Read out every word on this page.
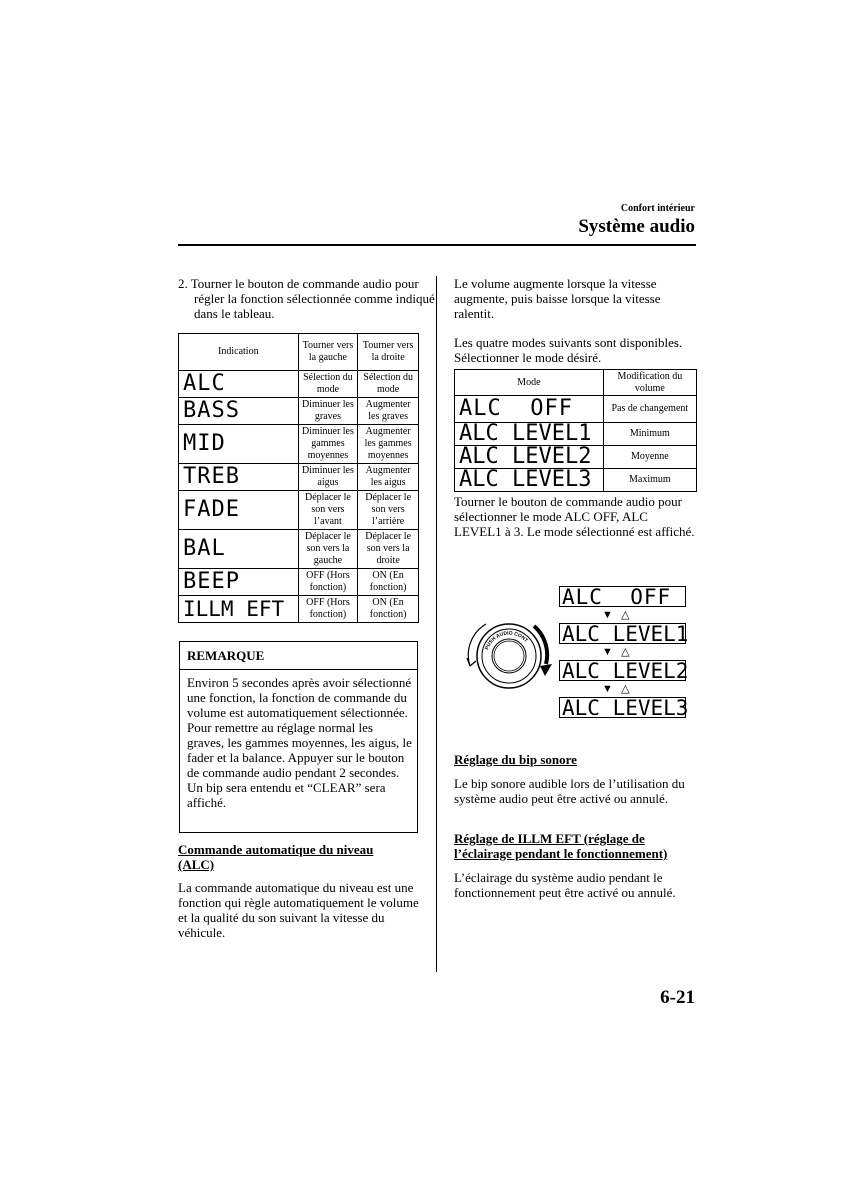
Confort intérieur
Système audio
2. Tourner le bouton de commande audio pour régler la fonction sélectionnée comme indiqué dans le tableau.
Indication	Tourner vers la gauche	Tourner vers la droite
ALC	Sélection du mode	Sélection du mode
BASS	Diminuer les graves	Augmenter les graves
MID	Diminuer les gammes moyennes	Augmenter les gammes moyennes
TREB	Diminuer les aigus	Augmenter les aigus
FADE	Déplacer le son vers l’avant	Déplacer le son vers l’arrière
BAL	Déplacer le son vers la gauche	Déplacer le son vers la droite
BEEP	OFF (Hors fonction)	ON (En fonction)
ILLM EFT	OFF (Hors fonction)	ON (En fonction)
REMARQUE
Environ 5 secondes après avoir sélectionné une fonction, la fonction de commande du volume est automatiquement sélectionnée. Pour remettre au réglage normal les graves, les gammes moyennes, les aigus, le fader et la balance. Appuyer sur le bouton de commande audio pendant 2 secondes. Un bip sera entendu et “CLEAR” sera affiché.
Commande automatique du niveau (ALC)
La commande automatique du niveau est une fonction qui règle automatiquement le volume et la qualité du son suivant la vitesse du véhicule.
Le volume augmente lorsque la vitesse augmente, puis baisse lorsque la vitesse ralentit.
Les quatre modes suivants sont disponibles. Sélectionner le mode désiré.
Mode	Modification du volume
ALC  OFF	Pas de changement
ALC LEVEL1	Minimum
ALC LEVEL2	Moyenne
ALC LEVEL3	Maximum
Tourner le bouton de commande audio pour sélectionner le mode ALC OFF, ALC LEVEL1 à 3. Le mode sélectionné est affiché.
PUSH AUDIO CONT
ALC  OFF
▼   △
ALC LEVEL1
▼   △
ALC LEVEL2
▼   △
ALC LEVEL3
Réglage du bip sonore
Le bip sonore audible lors de l’utilisation du système audio peut être activé ou annulé.
Réglage de ILLM EFT (réglage de l’éclairage pendant le fonctionnement)
L’éclairage du système audio pendant le fonctionnement peut être activé ou annulé.
6-21
